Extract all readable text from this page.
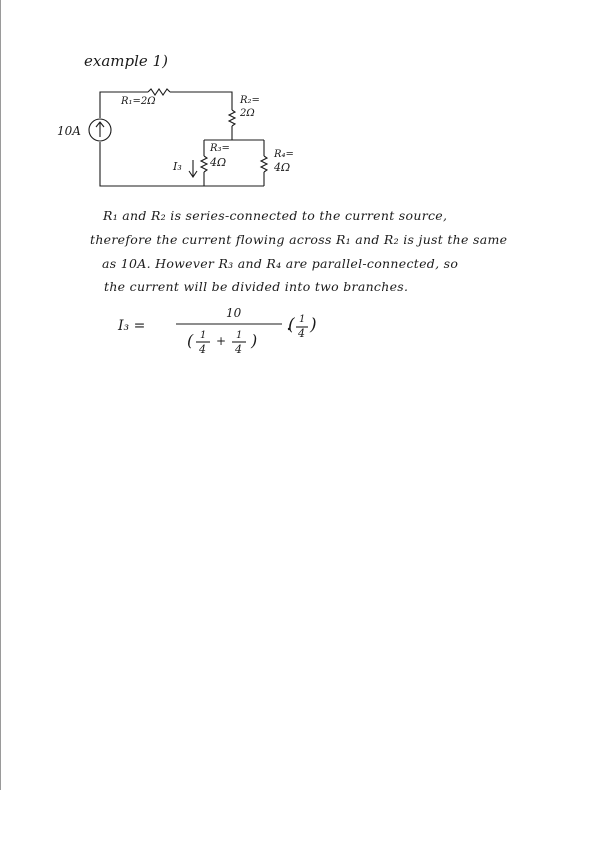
example 1)
10A
R₁=2Ω	R₂=
2Ω
R₃=
4Ω
R₄=
4Ω
I₃
R₁ and R₂ is series-connected to the current source,
therefore the current flowing across R₁ and R₂ is just the same
as 10A. However R₃ and R₄ are parallel-connected, so
the current will be divided into two branches.
I₃ =
10
( 1
4
+ 1
4 )
( 1
4 )
